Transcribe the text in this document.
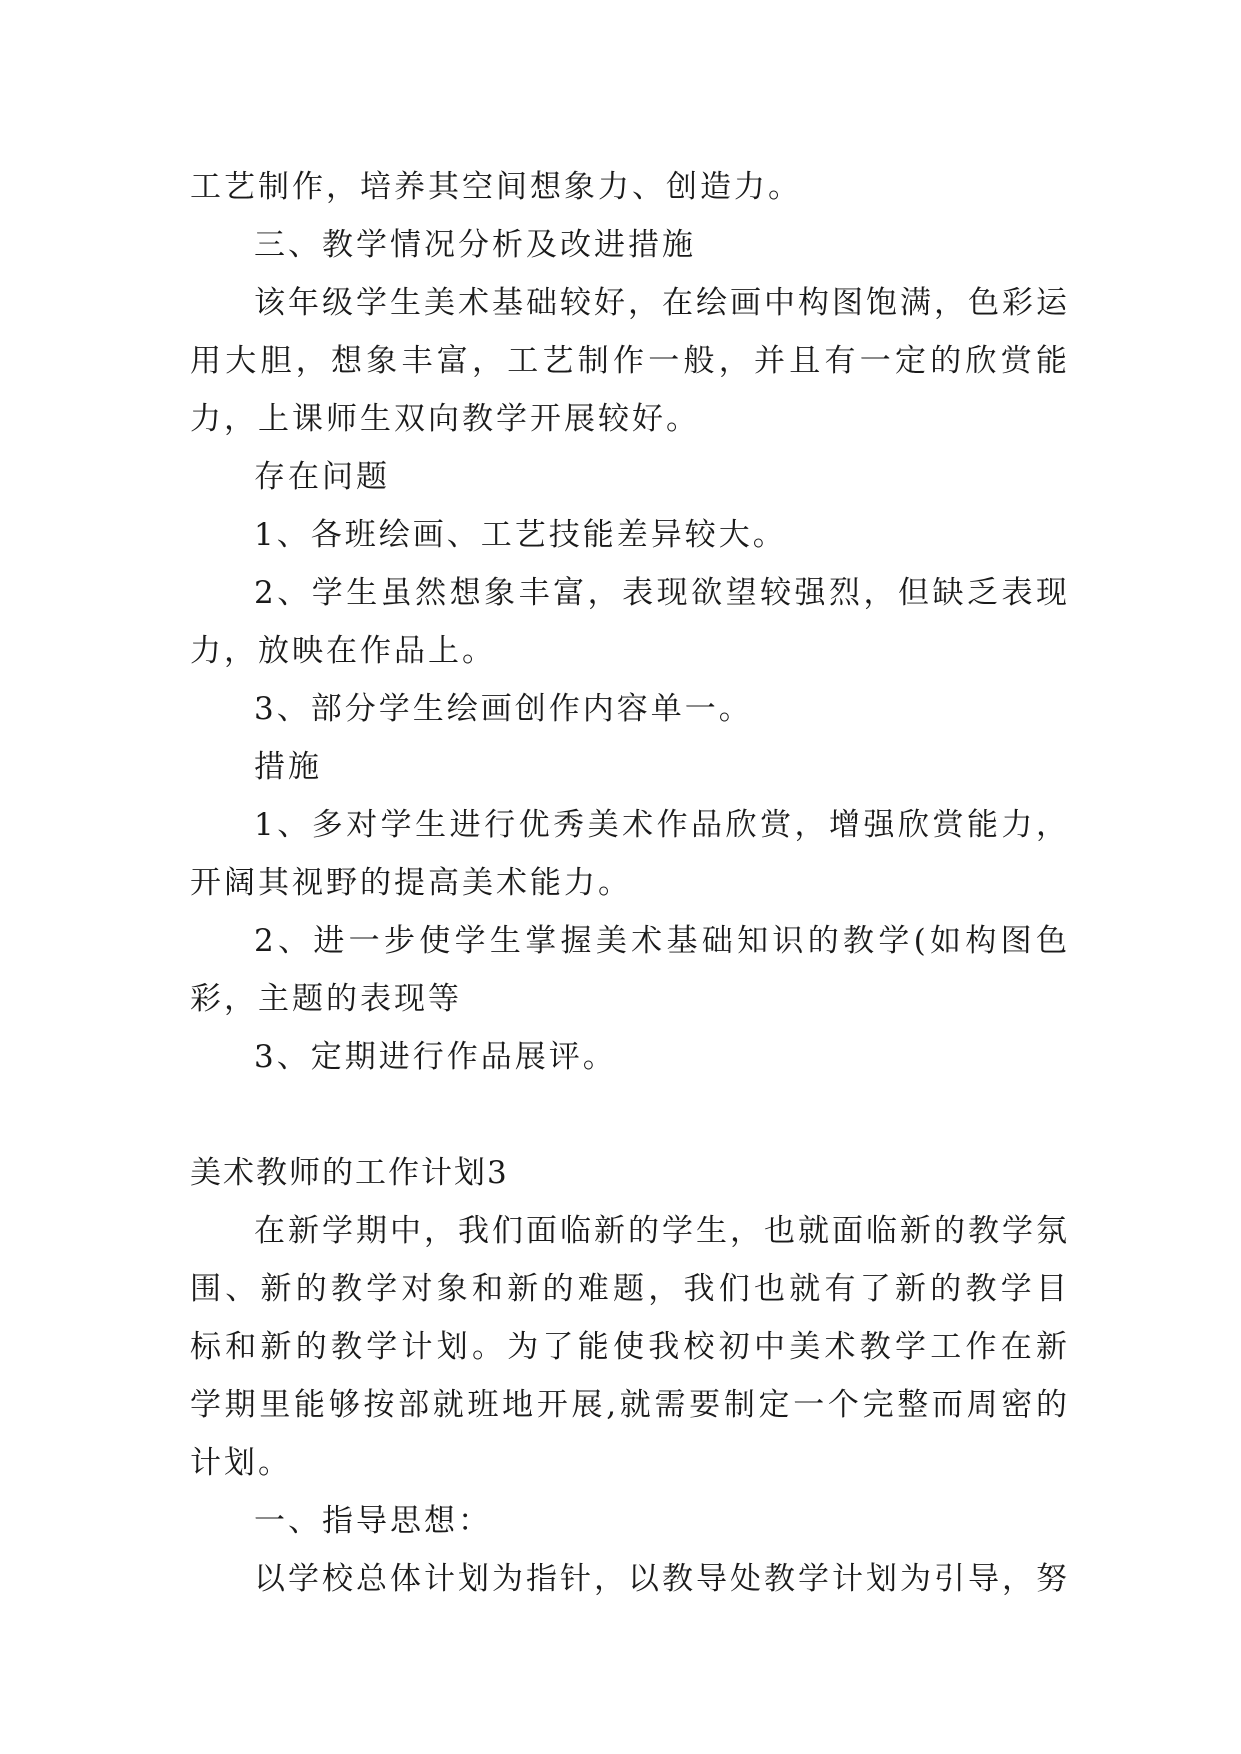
工艺制作，培养其空间想象力、创造力。

三、教学情况分析及改进措施

该年级学生美术基础较好，在绘画中构图饱满，色彩运用大胆，想象丰富，工艺制作一般，并且有一定的欣赏能力，上课师生双向教学开展较好。

存在问题

1、各班绘画、工艺技能差异较大。

2、学生虽然想象丰富，表现欲望较强烈，但缺乏表现力，放映在作品上。

3、部分学生绘画创作内容单一。

措施

1、多对学生进行优秀美术作品欣赏，增强欣赏能力，开阔其视野的提高美术能力。

2、进一步使学生掌握美术基础知识的教学(如构图色彩，主题的表现等

3、定期进行作品展评。

美术教师的工作计划3

在新学期中，我们面临新的学生，也就面临新的教学氛围、新的教学对象和新的难题，我们也就有了新的教学目标和新的教学计划。为了能使我校初中美术教学工作在新学期里能够按部就班地开展,就需要制定一个完整而周密的计划。

一、指导思想：

以学校总体计划为指针，以教导处教学计划为引导，努
